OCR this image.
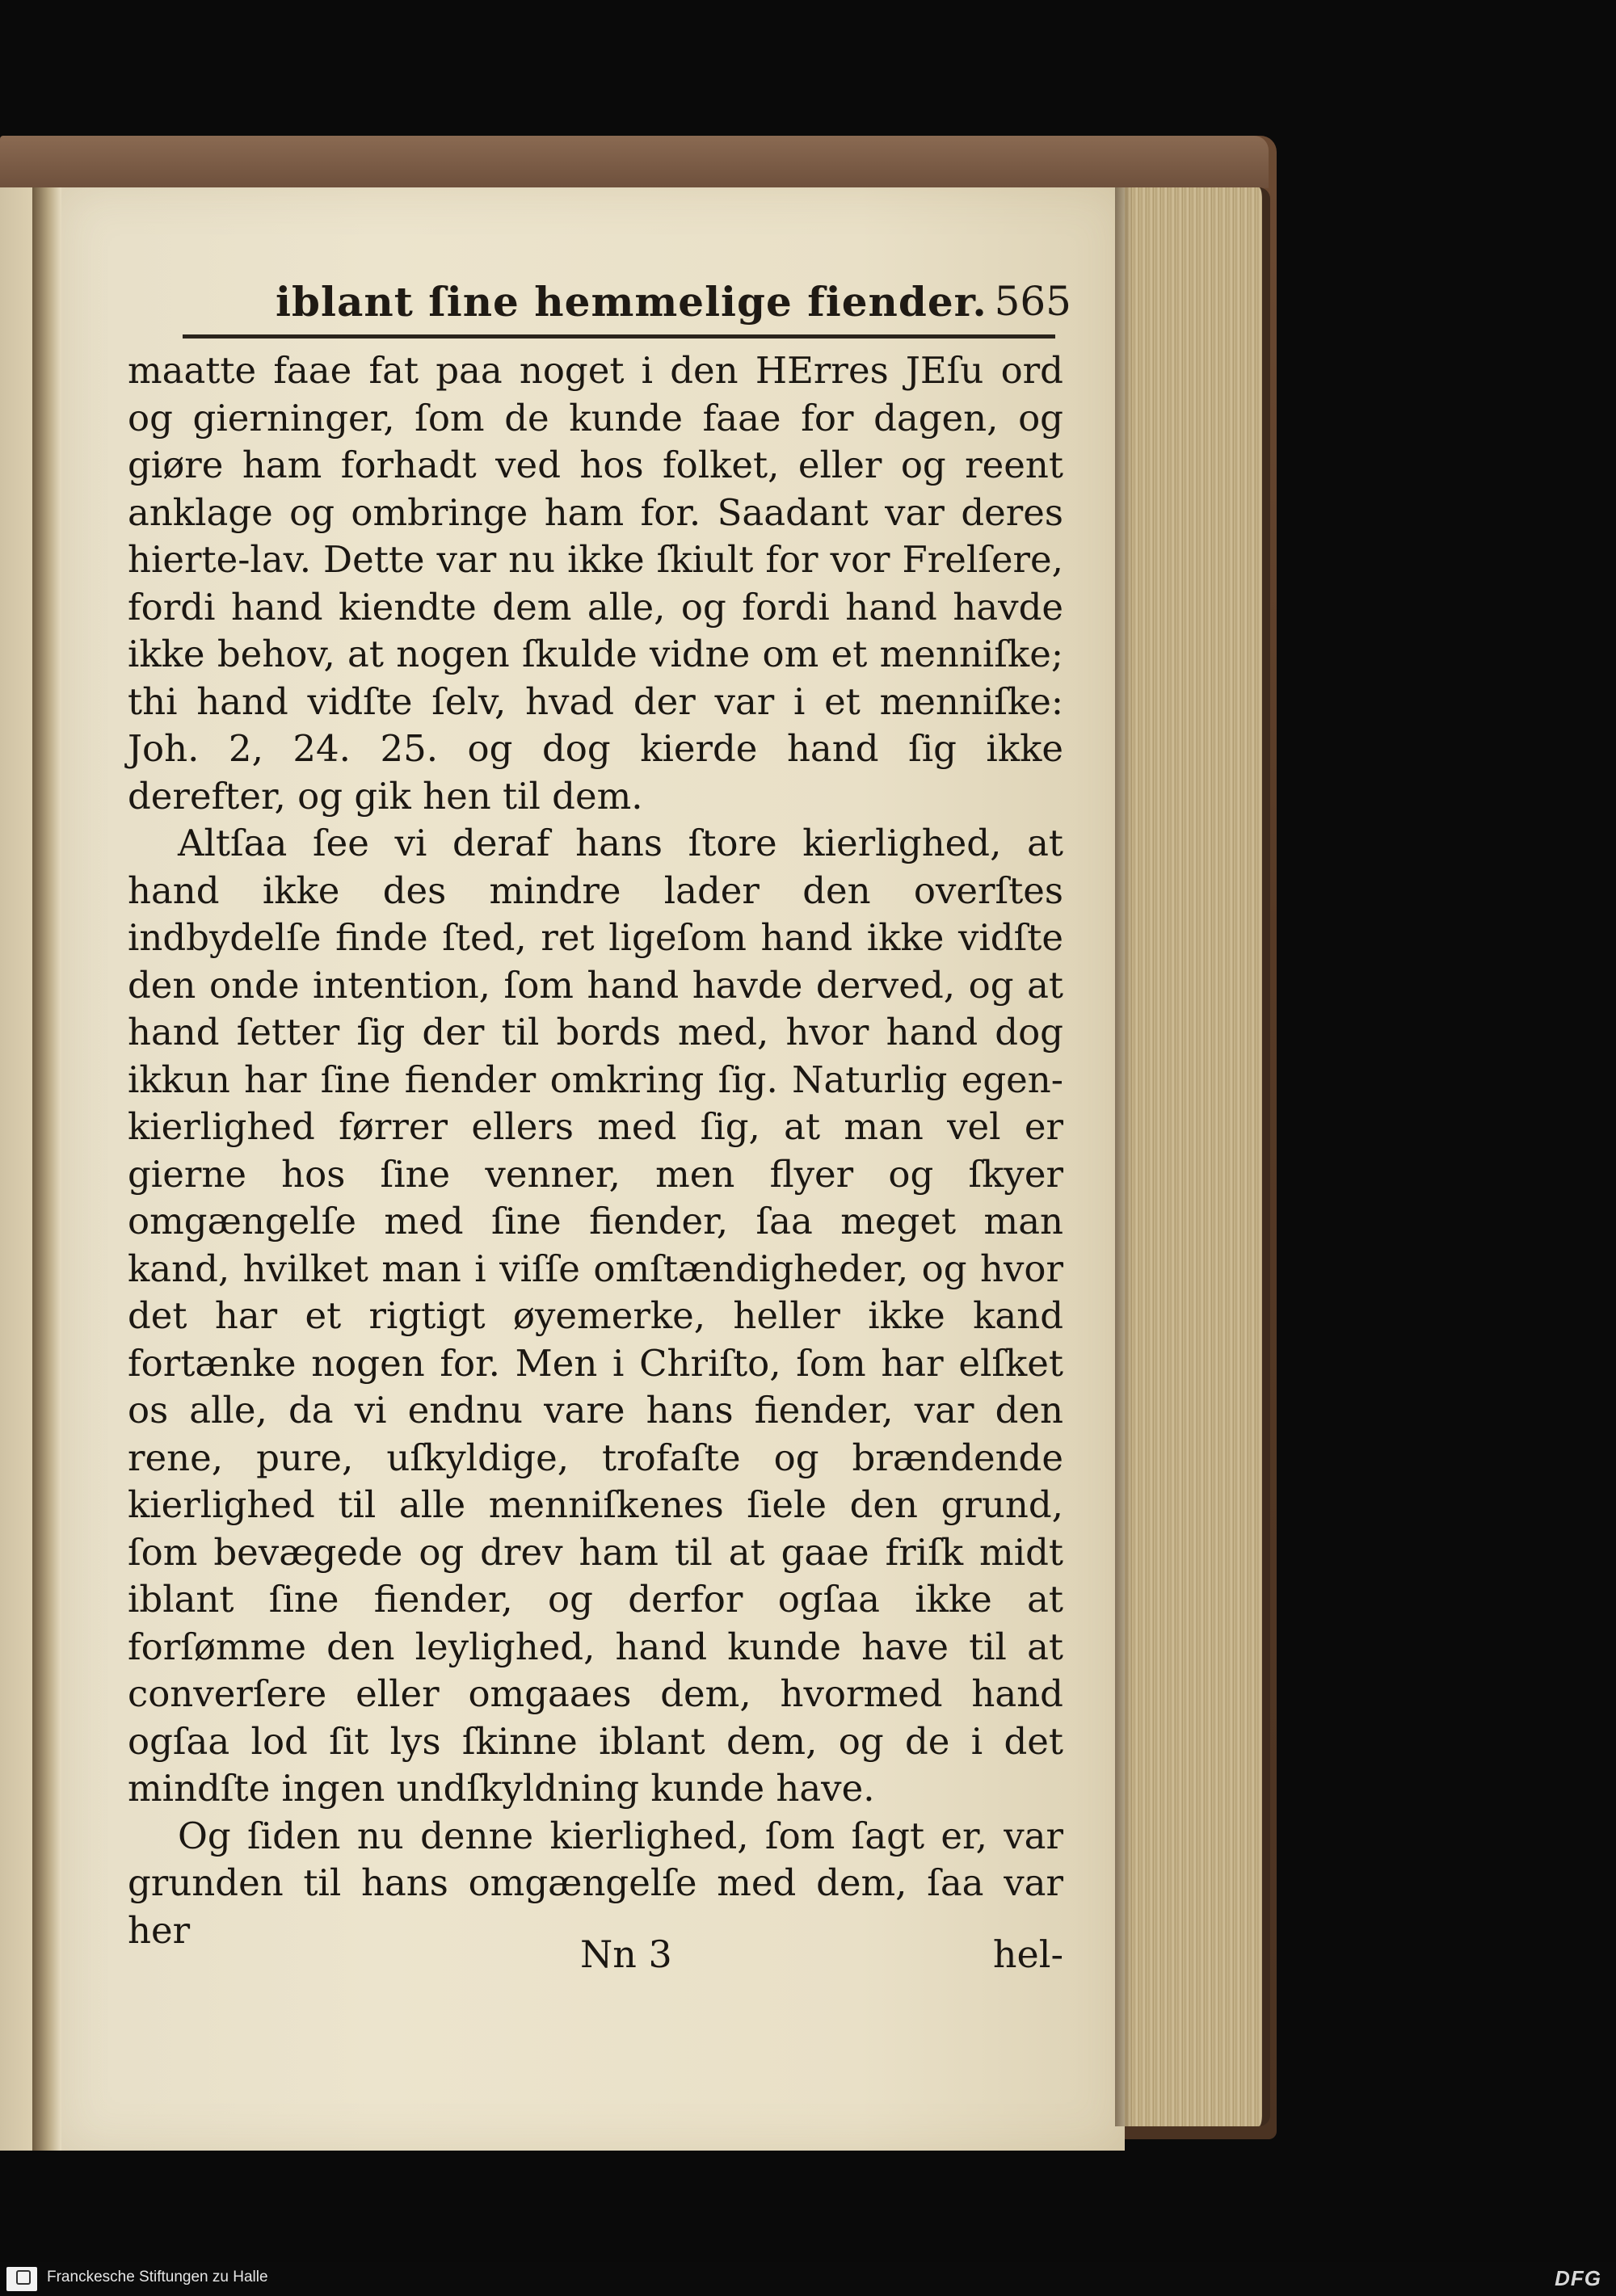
iblant ſine hemmelige fiender. 565

maatte faae fat paa noget i den HErres JEſu ord og gierninger, ſom de kunde faae for dagen, og giøre ham forhadt ved hos folket, eller og reent anklage og ombringe ham for. Saadant var deres hierte-lav. Dette var nu ikke ſkiult for vor Frelſere, fordi hand kiendte dem alle, og fordi hand havde ikke behov, at nogen ſkulde vidne om et menniſke; thi hand vidſte ſelv, hvad der var i et menniſke: Joh. 2, 24. 25. og dog kierde hand ſig ikke derefter, og gik hen til dem.

Altſaa ſee vi deraf hans ſtore kierlighed, at hand ikke des mindre lader den overſtes indbydelſe finde ſted, ret ligeſom hand ikke vidſte den onde intention, ſom hand havde derved, og at hand ſetter ſig der til bords med, hvor hand dog ikkun har ſine fiender omkring ſig. Naturlig egen-kierlighed førrer ellers med ſig, at man vel er gierne hos ſine venner, men flyer og ſkyer omgængelſe med ſine fiender, ſaa meget man kand, hvilket man i viſſe omſtændigheder, og hvor det har et rigtigt øyemerke, heller ikke kand fortænke nogen for. Men i Chriſto, ſom har elſket os alle, da vi endnu vare hans fiender, var den rene, pure, uſkyldige, trofaſte og brændende kierlighed til alle menniſkenes ſiele den grund, ſom bevægede og drev ham til at gaae friſk midt iblant ſine fiender, og derfor ogſaa ikke at forſømme den leylighed, hand kunde have til at converſere eller omgaaes dem, hvormed hand ogſaa lod ſit lys ſkinne iblant dem, og de i det mindſte ingen undſkyldning kunde have.

Og ſiden nu denne kierlighed, ſom ſagt er, var grunden til hans omgængelſe med dem, ſaa var her

Nn 3	hel-
Franckesche Stiftungen zu Halle	DFG
